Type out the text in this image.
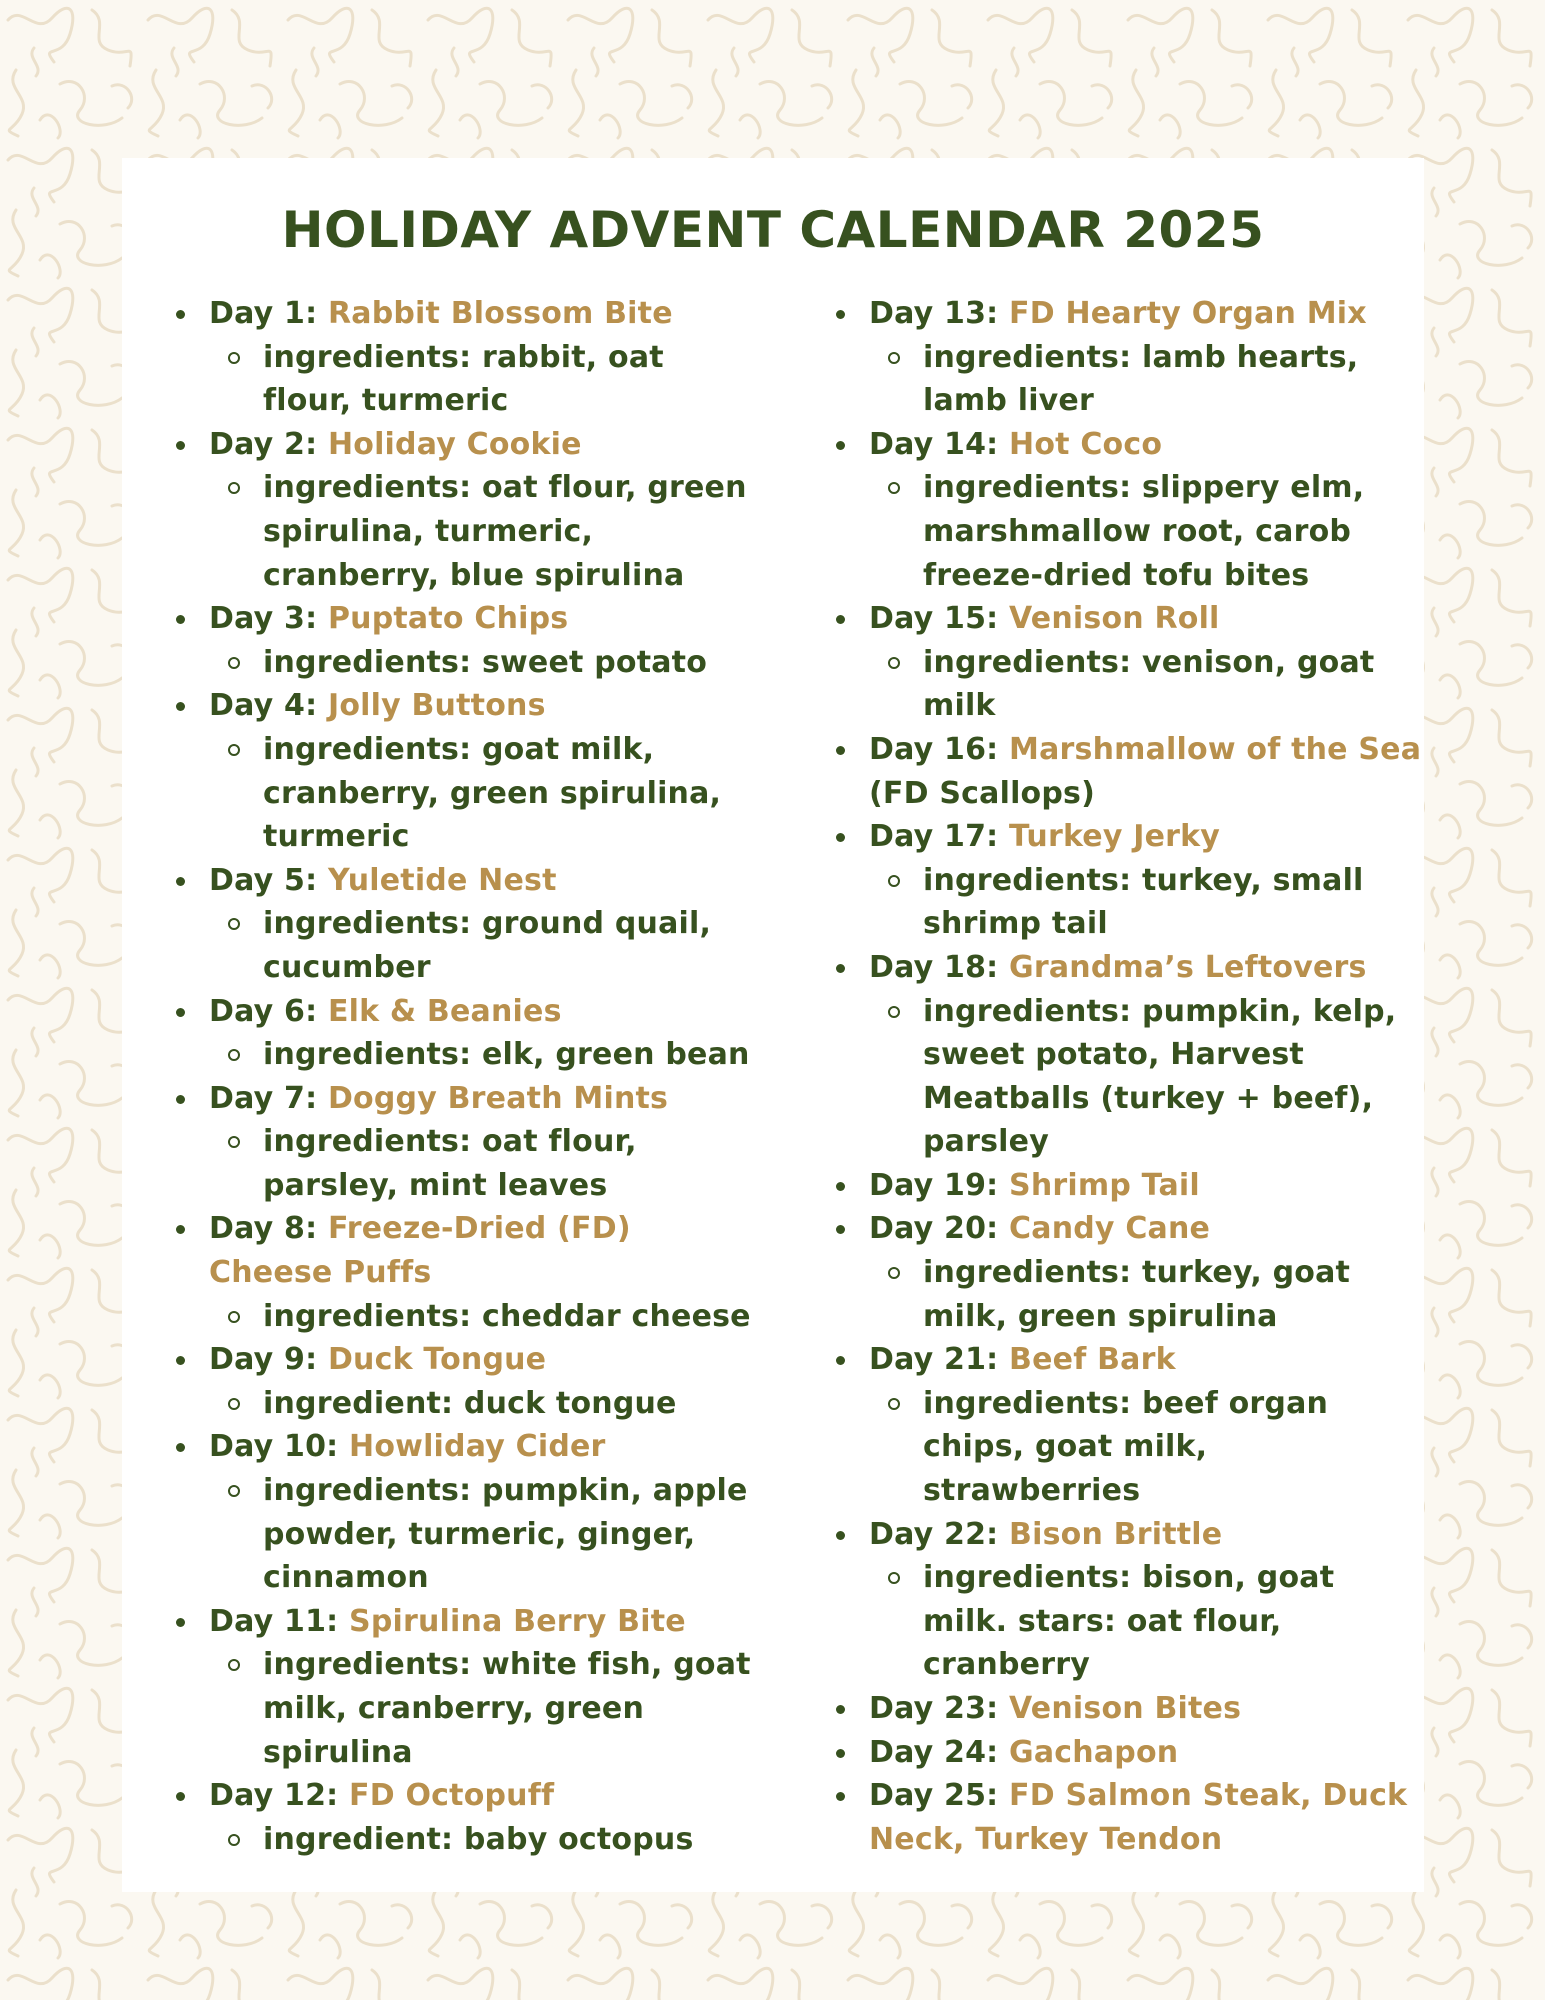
HOLIDAY ADVENT CALENDAR 2025
Day 1: Rabbit Blossom Bite
ingredients: rabbit, oat flour, turmeric
Day 2: Holiday Cookie
ingredients: oat flour, green spirulina, turmeric, cranberry, blue spirulina
Day 3: Puptato Chips
ingredients: sweet potato
Day 4: Jolly Buttons
ingredients: goat milk, cranberry, green spirulina, turmeric
Day 5: Yuletide Nest
ingredients: ground quail, cucumber
Day 6: Elk & Beanies
ingredients: elk, green bean
Day 7: Doggy Breath Mints
ingredients: oat flour, parsley, mint leaves
Day 8: Freeze-Dried (FD) Cheese Puffs
ingredients: cheddar cheese
Day 9: Duck Tongue
ingredient: duck tongue
Day 10: Howliday Cider
ingredients: pumpkin, apple powder, turmeric, ginger, cinnamon
Day 11: Spirulina Berry Bite
ingredients: white fish, goat milk, cranberry, green spirulina
Day 12: FD Octopuff
ingredient: baby octopus
Day 13: FD Hearty Organ Mix
ingredients: lamb hearts, lamb liver
Day 14: Hot Coco
ingredients: slippery elm, marshmallow root, carob freeze-dried tofu bites
Day 15: Venison Roll
ingredients: venison, goat milk
Day 16: Marshmallow of the Sea (FD Scallops)
Day 17: Turkey Jerky
ingredients: turkey, small shrimp tail
Day 18: Grandma’s Leftovers
ingredients: pumpkin, kelp, sweet potato, Harvest Meatballs (turkey + beef), parsley
Day 19: Shrimp Tail
Day 20: Candy Cane
ingredients: turkey, goat milk, green spirulina
Day 21: Beef Bark
ingredients: beef organ chips, goat milk, strawberries
Day 22: Bison Brittle
ingredients: bison, goat milk. stars: oat flour, cranberry
Day 23: Venison Bites
Day 24: Gachapon
Day 25: FD Salmon Steak, Duck Neck, Turkey Tendon
